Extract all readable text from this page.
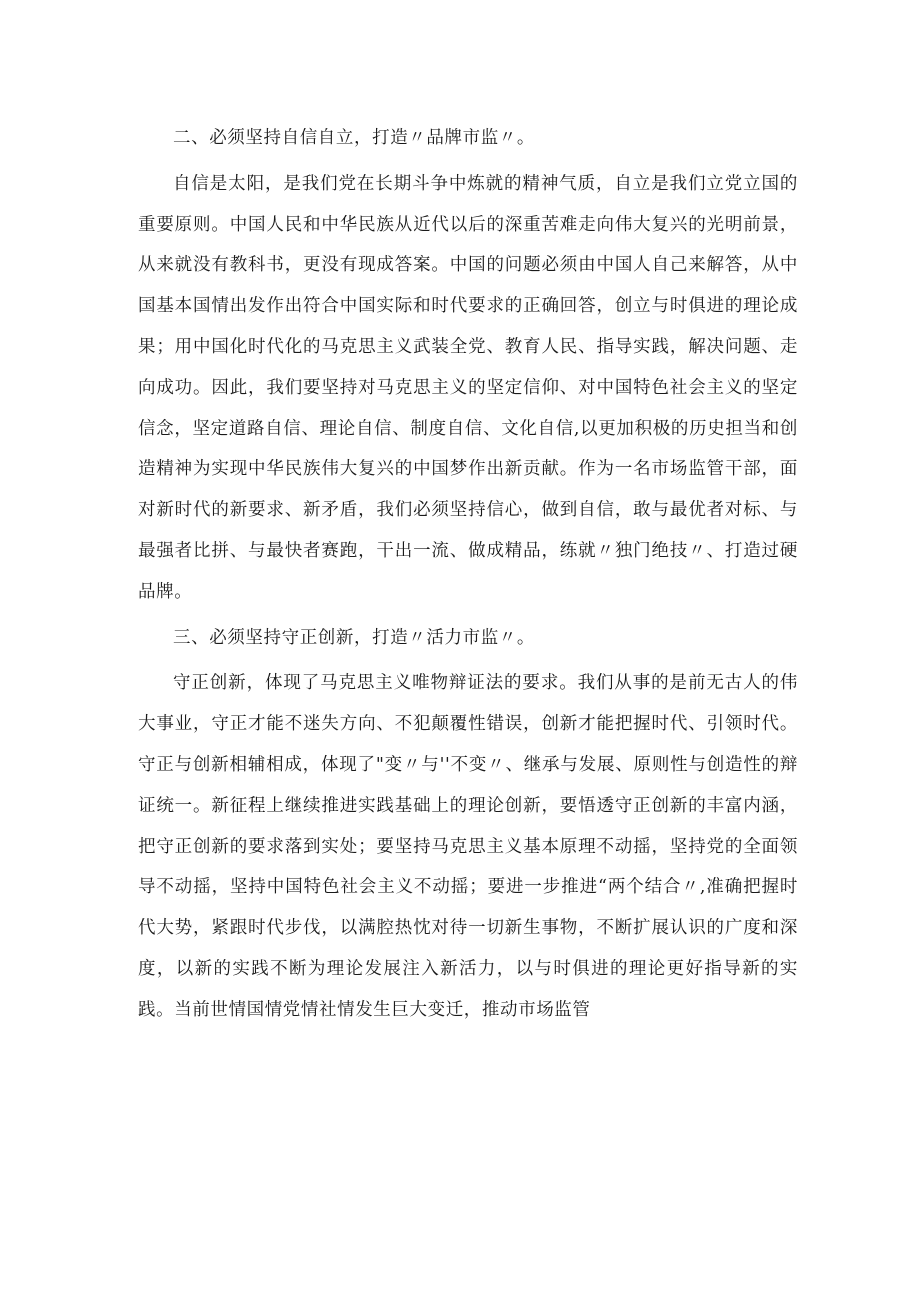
二、必须坚持自信自立，打造〃品牌市监〃。

自信是太阳，是我们党在长期斗争中炼就的精神气质，自立是我们立党立国的重要原则。中国人民和中华民族从近代以后的深重苦难走向伟大复兴的光明前景，从来就没有教科书，更没有现成答案。中国的问题必须由中国人自己来解答，从中国基本国情出发作出符合中国实际和时代要求的正确回答，创立与时俱进的理论成果；用中国化时代化的马克思主义武装全党、教育人民、指导实践，解决问题、走向成功。因此，我们要坚持对马克思主义的坚定信仰、对中国特色社会主义的坚定信念，坚定道路自信、理论自信、制度自信、文化自信,以更加积极的历史担当和创造精神为实现中华民族伟大复兴的中国梦作出新贡献。作为一名市场监管干部，面对新时代的新要求、新矛盾，我们必须坚持信心，做到自信，敢与最优者对标、与最强者比拼、与最快者赛跑，干出一流、做成精品，练就〃独门绝技〃、打造过硬品牌。

三、必须坚持守正创新，打造〃活力市监〃。

守正创新，体现了马克思主义唯物辩证法的要求。我们从事的是前无古人的伟大事业，守正才能不迷失方向、不犯颠覆性错误，创新才能把握时代、引领时代。守正与创新相辅相成，体现了"变〃与''不变〃、继承与发展、原则性与创造性的辩证统一。新征程上继续推进实践基础上的理论创新，要悟透守正创新的丰富内涵，把守正创新的要求落到实处；要坚持马克思主义基本原理不动摇，坚持党的全面领导不动摇，坚持中国特色社会主义不动摇；要进一步推进“两个结合〃,准确把握时代大势，紧跟时代步伐，以满腔热忱对待一切新生事物，不断扩展认识的广度和深度，以新的实践不断为理论发展注入新活力，以与时俱进的理论更好指导新的实践。当前世情国情党情社情发生巨大变迁，推动市场监管
